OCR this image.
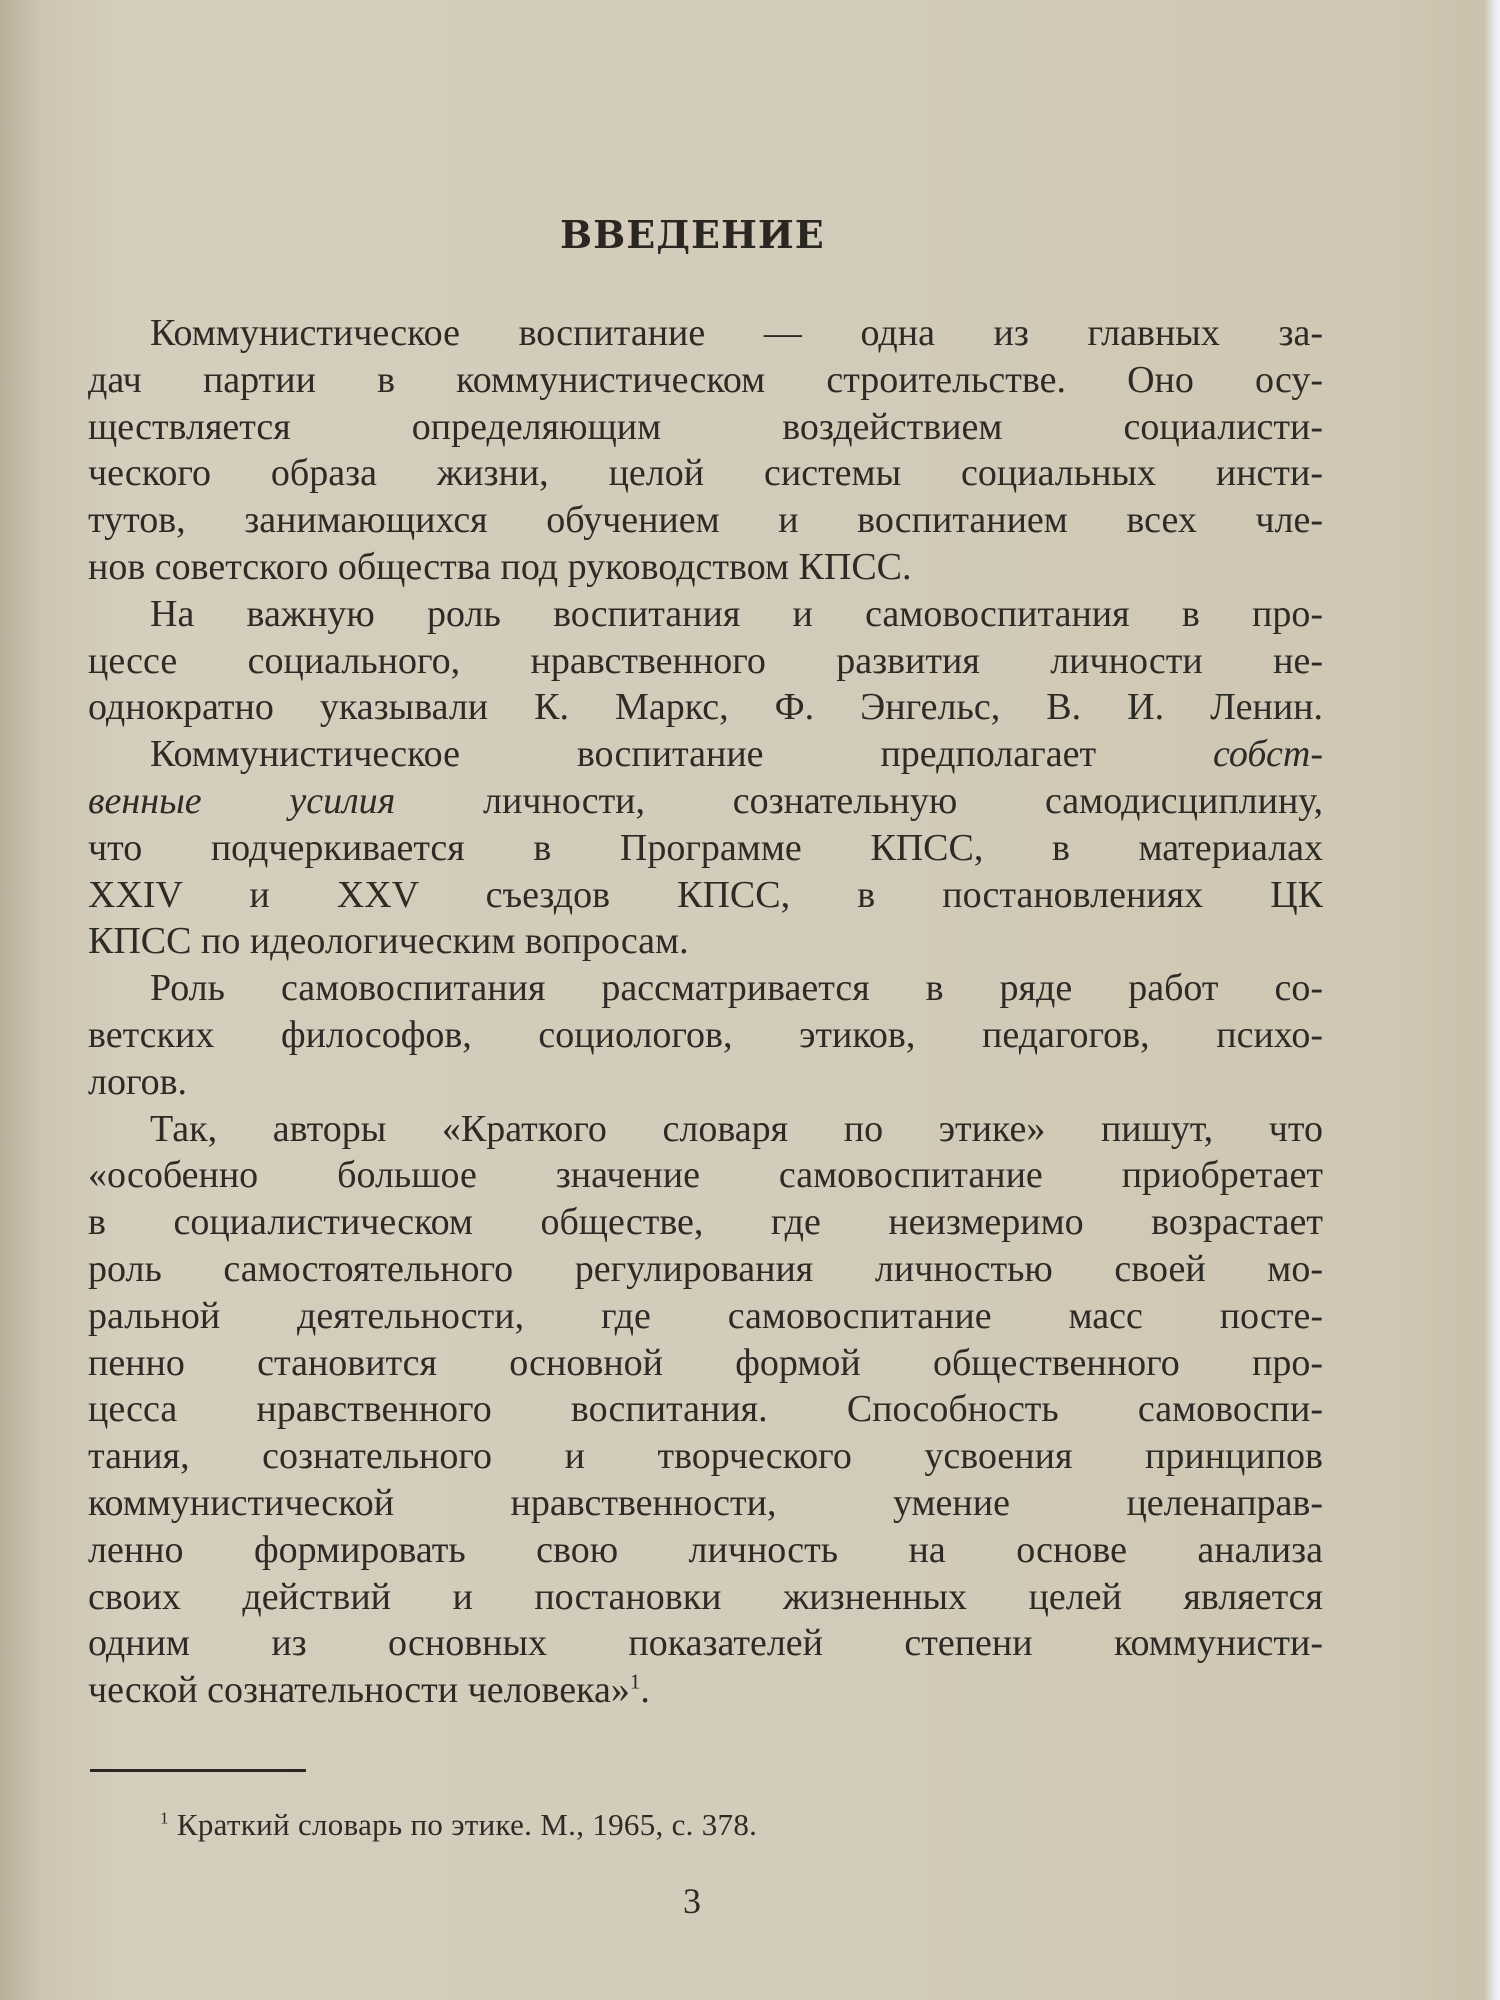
ВВЕДЕНИЕ
Коммунистическое воспитание — одна из главных за-
дач партии в коммунистическом строительстве. Оно осу-
ществляется определяющим воздействием социалисти-
ческого образа жизни, целой системы социальных инсти-
тутов, занимающихся обучением и воспитанием всех чле-
нов советского общества под руководством КПСС.
На важную роль воспитания и самовоспитания в про-
цессе социального, нравственного развития личности не-
однократно указывали К. Маркс, Ф. Энгельс, В. И. Ленин.
Коммунистическое воспитание предполагает собст-
венные усилия личности, сознательную самодисциплину,
что подчеркивается в Программе КПСС, в материалах
XXIV и XXV съездов КПСС, в постановлениях ЦК
КПСС по идеологическим вопросам.
Роль самовоспитания рассматривается в ряде работ со-
ветских философов, социологов, этиков, педагогов, психо-
логов.
Так, авторы «Краткого словаря по этике» пишут, что
«особенно большое значение самовоспитание приобретает
в социалистическом обществе, где неизмеримо возрастает
роль самостоятельного регулирования личностью своей мо-
ральной деятельности, где самовоспитание масс посте-
пенно становится основной формой общественного про-
цесса нравственного воспитания. Способность самовоспи-
тания, сознательного и творческого усвоения принципов
коммунистической нравственности, умение целенаправ-
ленно формировать свою личность на основе анализа
своих действий и постановки жизненных целей является
одним из основных показателей степени коммунисти-
ческой сознательности человека»$^1$.
$^1$ Краткий словарь по этике. М., 1965, с. 378.
3
